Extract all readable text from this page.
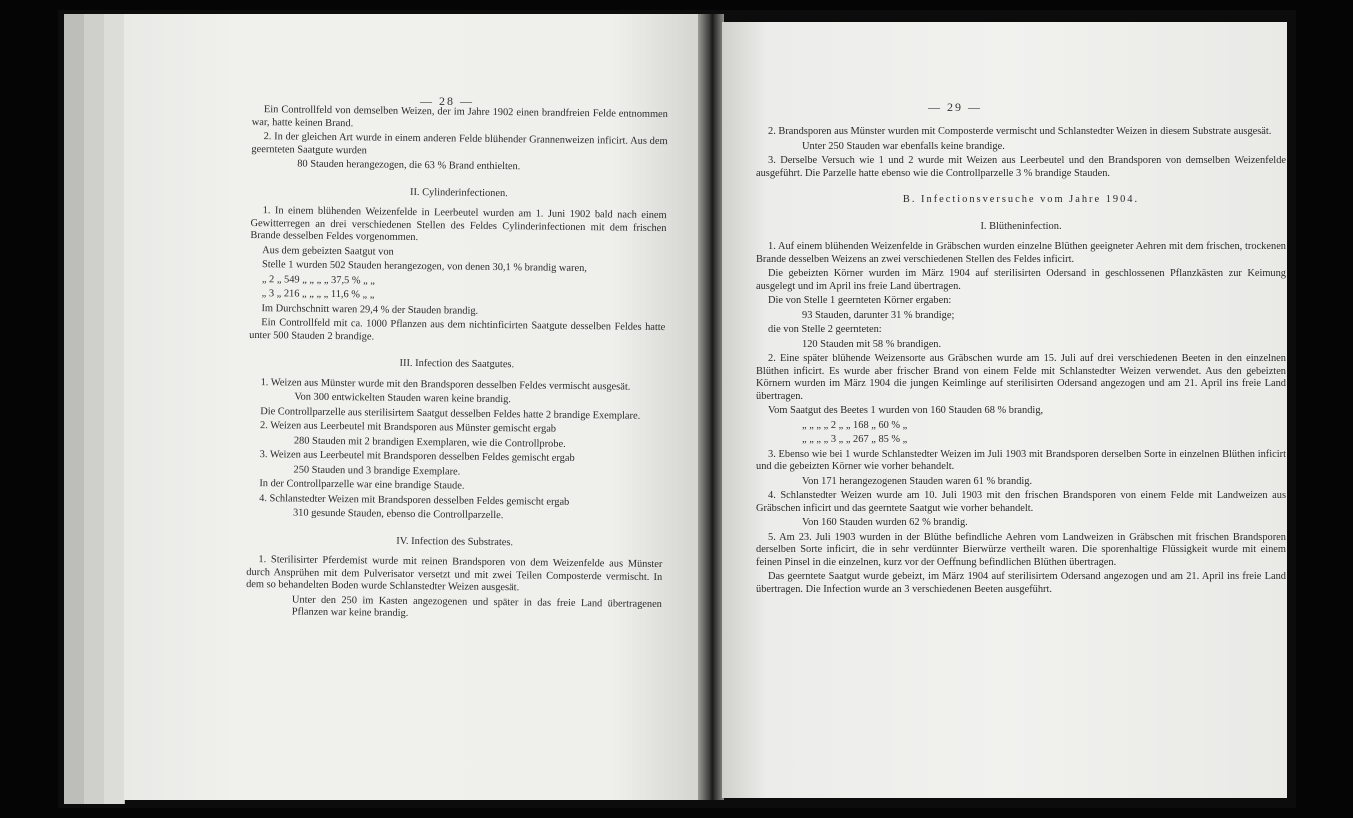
— 28 —
Ein Controllfeld von demselben Weizen, der im Jahre 1902 einen brandfreien Felde entnommen war, hatte keinen Brand.
2. In der gleichen Art wurde in einem anderen Felde blühender Grannenweizen inficirt. Aus dem geernteten Saatgute wurden
80 Stauden herangezogen, die 63 % Brand enthielten.
II. Cylinderinfectionen.
1. In einem blühenden Weizenfelde in Leerbeutel wurden am 1. Juni 1902 bald nach einem Gewitterregen an drei verschiedenen Stellen des Feldes Cylinderinfectionen mit dem frischen Brande desselben Feldes vorgenommen.
Aus dem gebeizten Saatgut von
Stelle 1 wurden 502 Stauden herangezogen, von denen 30,1 % brandig waren,
„ 2 „ 549 „ „ „ „ 37,5 % „ „
„ 3 „ 216 „ „ „ „ 11,6 % „ „
Im Durchschnitt waren 29,4 % der Stauden brandig.
Ein Controllfeld mit ca. 1000 Pflanzen aus dem nichtinficirten Saatgute desselben Feldes hatte unter 500 Stauden 2 brandige.
III. Infection des Saatgutes.
1. Weizen aus Münster wurde mit den Brandsporen desselben Feldes vermischt ausgesät.
Von 300 entwickelten Stauden waren keine brandig.
Die Controllparzelle aus sterilisirtem Saatgut desselben Feldes hatte 2 brandige Exemplare.
2. Weizen aus Leerbeutel mit Brandsporen aus Münster gemischt ergab
280 Stauden mit 2 brandigen Exemplaren, wie die Controllprobe.
3. Weizen aus Leerbeutel mit Brandsporen desselben Feldes gemischt ergab
250 Stauden und 3 brandige Exemplare.
In der Controllparzelle war eine brandige Staude.
4. Schlanstedter Weizen mit Brandsporen desselben Feldes gemischt ergab
310 gesunde Stauden, ebenso die Controllparzelle.
IV. Infection des Substrates.
1. Sterilisirter Pferdemist wurde mit reinen Brandsporen von dem Weizenfelde aus Münster durch Ansprühen mit dem Pulverisator versetzt und mit zwei Teilen Composterde vermischt. In dem so behandelten Boden wurde Schlanstedter Weizen ausgesät.
Unter den 250 im Kasten angezogenen und später in das freie Land übertragenen Pflanzen war keine brandig.
— 29 —
2. Brandsporen aus Münster wurden mit Composterde vermischt und Schlanstedter Weizen in diesem Substrate ausgesät.
Unter 250 Stauden war ebenfalls keine brandige.
3. Derselbe Versuch wie 1 und 2 wurde mit Weizen aus Leerbeutel und den Brandsporen von demselben Weizenfelde ausgeführt. Die Parzelle hatte ebenso wie die Controllparzelle 3 % brandige Stauden.
B. Infectionsversuche vom Jahre 1904.
I. Blütheninfection.
1. Auf einem blühenden Weizenfelde in Gräbschen wurden einzelne Blüthen geeigneter Aehren mit dem frischen, trockenen Brande desselben Weizens an zwei verschiedenen Stellen des Feldes inficirt.
Die gebeizten Körner wurden im März 1904 auf sterilisirten Odersand in geschlossenen Pflanzkästen zur Keimung ausgelegt und im April ins freie Land übertragen.
Die von Stelle 1 geernteten Körner ergaben:
93 Stauden, darunter 31 % brandige;
die von Stelle 2 geernteten:
120 Stauden mit 58 % brandigen.
2. Eine später blühende Weizensorte aus Gräbschen wurde am 15. Juli auf drei verschiedenen Beeten in den einzelnen Blüthen inficirt. Es wurde aber frischer Brand von einem Felde mit Schlanstedter Weizen verwendet. Aus den gebeizten Körnern wurden im März 1904 die jungen Keimlinge auf sterilisirten Odersand angezogen und am 21. April ins freie Land übertragen.
Vom Saatgut des Beetes 1 wurden von 160 Stauden 68 % brandig,
„ „ „ „ 2 „ „ 168 „ 60 % „
„ „ „ „ 3 „ „ 267 „ 85 % „
3. Ebenso wie bei 1 wurde Schlanstedter Weizen im Juli 1903 mit Brandsporen derselben Sorte in einzelnen Blüthen inficirt und die gebeizten Körner wie vorher behandelt.
Von 171 herangezogenen Stauden waren 61 % brandig.
4. Schlanstedter Weizen wurde am 10. Juli 1903 mit den frischen Brandsporen von einem Felde mit Landweizen aus Gräbschen inficirt und das geerntete Saatgut wie vorher behandelt.
Von 160 Stauden wurden 62 % brandig.
5. Am 23. Juli 1903 wurden in der Blüthe befindliche Aehren vom Landweizen in Gräbschen mit frischen Brandsporen derselben Sorte inficirt, die in sehr verdünnter Bierwürze vertheilt waren. Die sporenhaltige Flüssigkeit wurde mit einem feinen Pinsel in die einzelnen, kurz vor der Oeffnung befindlichen Blüthen übertragen.
Das geerntete Saatgut wurde gebeizt, im März 1904 auf sterilisirtem Odersand angezogen und am 21. April ins freie Land übertragen. Die Infection wurde an 3 verschiedenen Beeten ausgeführt.
